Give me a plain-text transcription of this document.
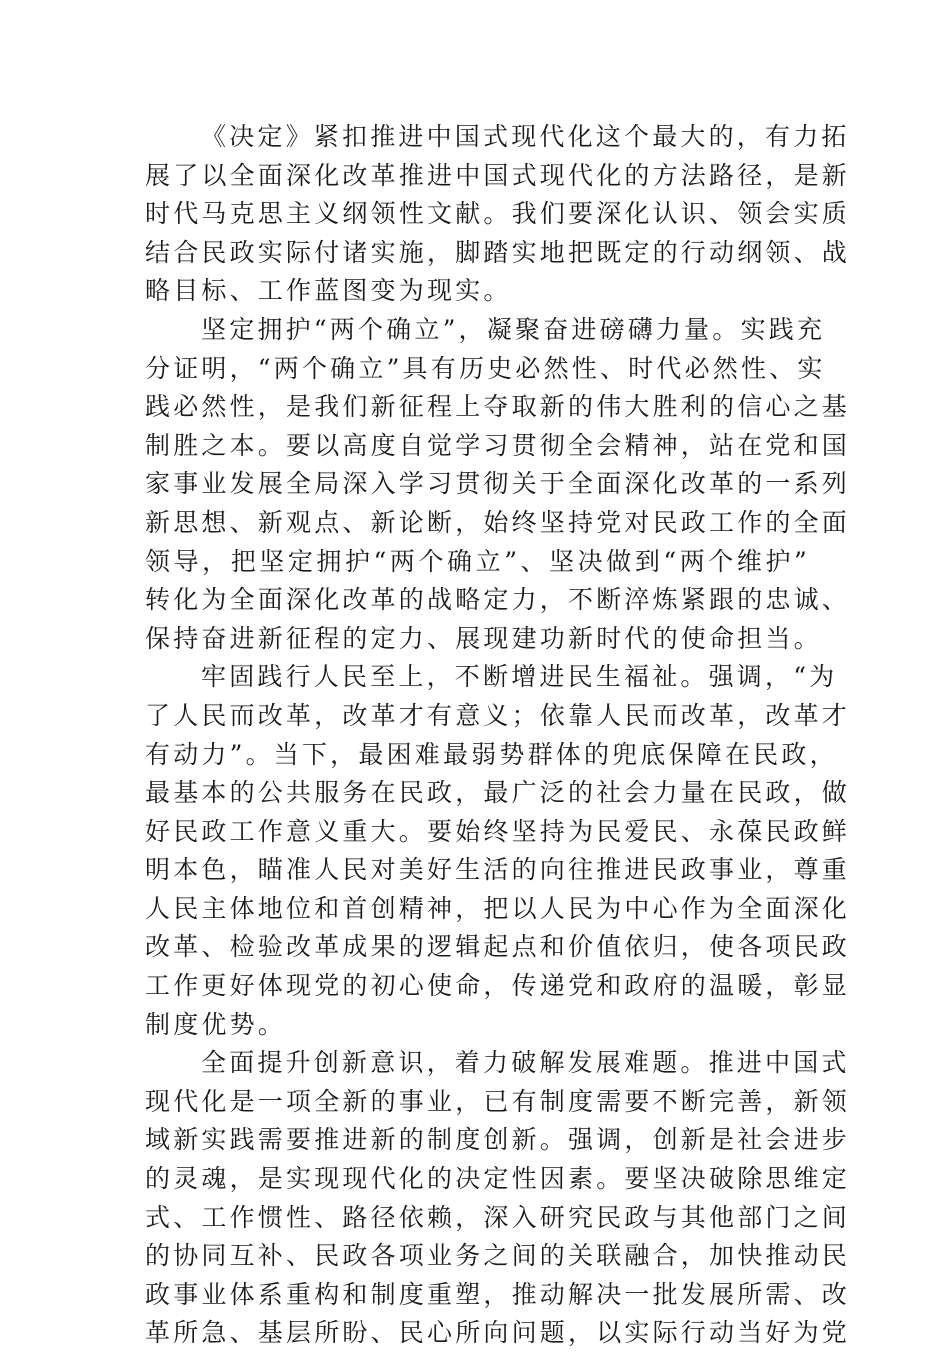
《决定》紧扣推进中国式现代化这个最大的，有力拓
展了以全面深化改革推进中国式现代化的方法路径，是新
时代马克思主义纲领性文献。我们要深化认识、领会实质
结合民政实际付诸实施，脚踏实地把既定的行动纲领、战
略目标、工作蓝图变为现实。
坚定拥护“两个确立”，凝聚奋进磅礴力量。实践充
分证明，“两个确立”具有历史必然性、时代必然性、实
践必然性，是我们新征程上夺取新的伟大胜利的信心之基
制胜之本。要以高度自觉学习贯彻全会精神，站在党和国
家事业发展全局深入学习贯彻关于全面深化改革的一系列
新思想、新观点、新论断，始终坚持党对民政工作的全面
领导，把坚定拥护“两个确立”、坚决做到“两个维护”
转化为全面深化改革的战略定力，不断淬炼紧跟的忠诚、
保持奋进新征程的定力、展现建功新时代的使命担当。
牢固践行人民至上，不断增进民生福祉。强调，“为
了人民而改革，改革才有意义；依靠人民而改革，改革才
有动力”。当下，最困难最弱势群体的兜底保障在民政，
最基本的公共服务在民政，最广泛的社会力量在民政，做
好民政工作意义重大。要始终坚持为民爱民、永葆民政鲜
明本色，瞄准人民对美好生活的向往推进民政事业，尊重
人民主体地位和首创精神，把以人民为中心作为全面深化
改革、检验改革成果的逻辑起点和价值依归，使各项民政
工作更好体现党的初心使命，传递党和政府的温暖，彰显
制度优势。
全面提升创新意识，着力破解发展难题。推进中国式
现代化是一项全新的事业，已有制度需要不断完善，新领
域新实践需要推进新的制度创新。强调，创新是社会进步
的灵魂，是实现现代化的决定性因素。要坚决破除思维定
式、工作惯性、路径依赖，深入研究民政与其他部门之间
的协同互补、民政各项业务之间的关联融合，加快推动民
政事业体系重构和制度重塑，推动解决一批发展所需、改
革所急、基层所盼、民心所向问题，以实际行动当好为党
